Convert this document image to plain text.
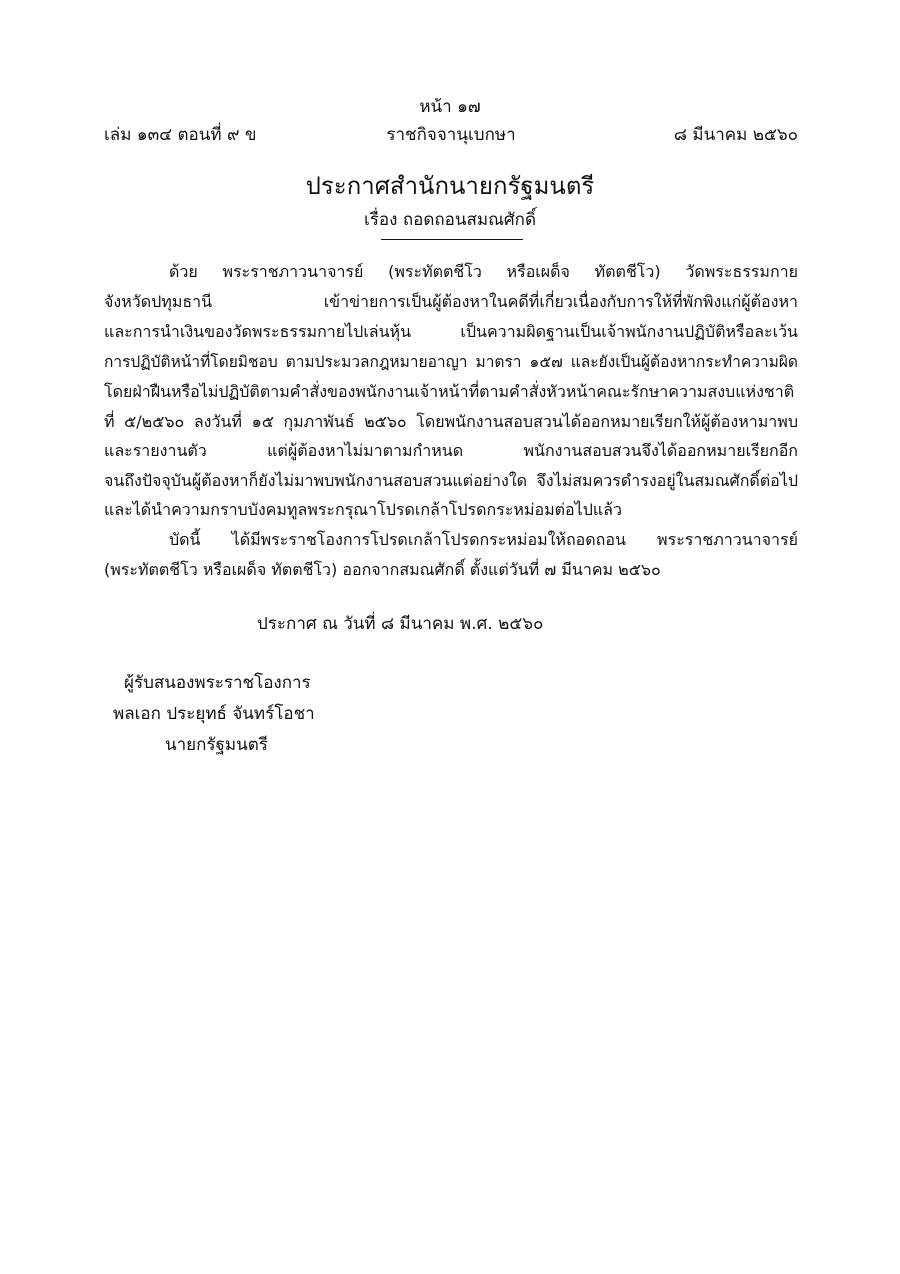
หน้า ๑๗
เล่ม ๑๓๔ ตอนที่ ๙ ข	ราชกิจจานุเบกษา	๘ มีนาคม ๒๕๖๐
ประกาศสำนักนายกรัฐมนตรี
เรื่อง ถอดถอนสมณศักดิ์
ด้วย พระราชภาวนาจารย์ (พระทัตตชีโว หรือเผด็จ ทัตตชีโว) วัดพระธรรมกาย
จังหวัดปทุมธานี เข้าข่ายการเป็นผู้ต้องหาในคดีที่เกี่ยวเนื่องกับการให้ที่พักพิงแก่ผู้ต้องหา
และการนำเงินของวัดพระธรรมกายไปเล่นหุ้น เป็นความผิดฐานเป็นเจ้าพนักงานปฏิบัติหรือละเว้น
การปฏิบัติหน้าที่โดยมิชอบ ตามประมวลกฎหมายอาญา มาตรา ๑๕๗ และยังเป็นผู้ต้องหากระทำความผิด
โดยฝ่าฝืนหรือไม่ปฏิบัติตามคำสั่งของพนักงานเจ้าหน้าที่ตามคำสั่งหัวหน้าคณะรักษาความสงบแห่งชาติ
ที่ ๕/๒๕๖๐ ลงวันที่ ๑๕ กุมภาพันธ์ ๒๕๖๐ โดยพนักงานสอบสวนได้ออกหมายเรียกให้ผู้ต้องหามาพบ
และรายงานตัว แต่ผู้ต้องหาไม่มาตามกำหนด พนักงานสอบสวนจึงได้ออกหมายเรียกอีก
จนถึงปัจจุบันผู้ต้องหาก็ยังไม่มาพบพนักงานสอบสวนแต่อย่างใด จึงไม่สมควรดำรงอยู่ในสมณศักดิ์ต่อไป
และได้นำความกราบบังคมทูลพระกรุณาโปรดเกล้าโปรดกระหม่อมต่อไปแล้ว
บัดนี้ ได้มีพระราชโองการโปรดเกล้าโปรดกระหม่อมให้ถอดถอน พระราชภาวนาจารย์
(พระทัตตชีโว หรือเผด็จ ทัตตชีโว) ออกจากสมณศักดิ์ ตั้งแต่วันที่ ๗ มีนาคม ๒๕๖๐
ประกาศ ณ วันที่ ๘ มีนาคม พ.ศ. ๒๕๖๐
ผู้รับสนองพระราชโองการ
พลเอก ประยุทธ์ จันทร์โอชา
นายกรัฐมนตรี
